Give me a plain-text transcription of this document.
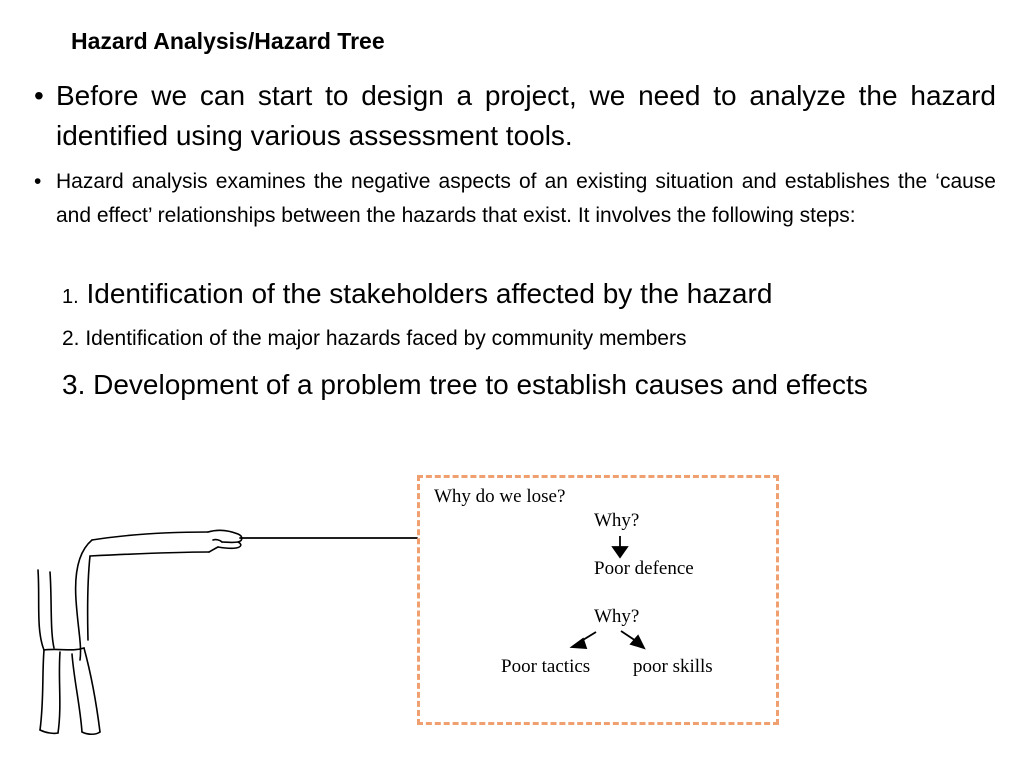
Hazard Analysis/Hazard Tree
• Before we can start to design a project, we need to analyze the hazard identified using various assessment tools.
• Hazard analysis examines the negative aspects of an existing situation and establishes the ‘cause and effect’ relationships between the hazards that exist. It involves the following steps:
1. Identification of the stakeholders affected by the hazard
2. Identification of the major hazards faced by community members
3. Development of a problem tree to establish causes and effects
Why do we lose?
Why?
Poor defence
Why?
Poor tactics poor skills
